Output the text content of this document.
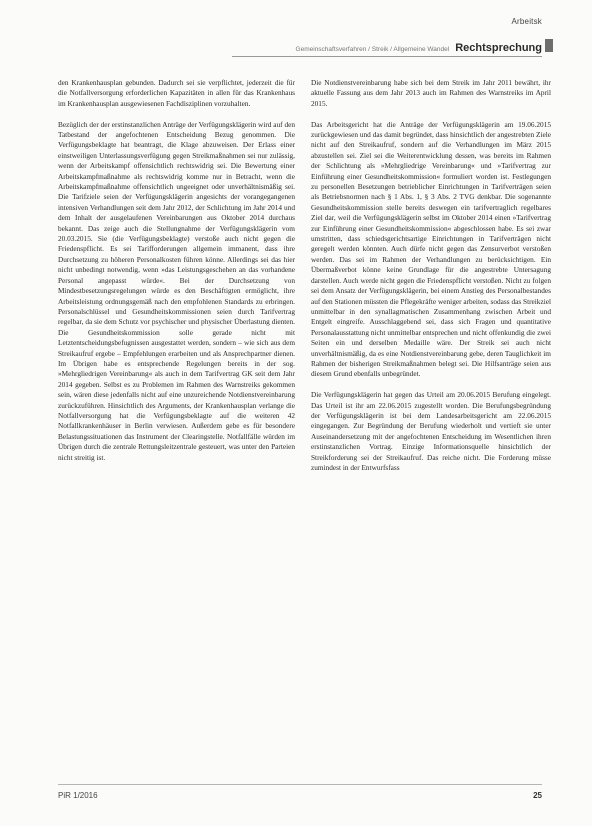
Arbeitsk
Gemeinschaftsverfahren / Streik / Allgemeine Wandel Rechtsprechung

den Krankenhausplan gebunden. Dadurch sei sie verpflichtet, jederzeit die für die Notfallversorgung erforderlichen Kapazitäten in allen für das Krankenhaus im Krankenhausplan ausgewiesenen Fachdisziplinen vorzuhalten.

Bezüglich der der erstinstanzlichen Anträge der Verfügungsklägerin wird auf den Tatbestand der angefochtenen Entscheidung Bezug genommen. Die Verfügungsbeklagte hat beantragt, die Klage abzuweisen. Der Erlass einer einstweiligen Unterlassungsverfügung gegen Streikmaßnahmen sei nur zulässig, wenn der Arbeitskampf offensichtlich rechtswidrig sei. Die Bewertung einer Arbeitskampfmaßnahme als rechtswidrig komme nur in Betracht, wenn die Arbeitskampfmaßnahme offensichtlich ungeeignet oder unverhältnismäßig sei. Die Tarifziele seien der Verfügungsklägerin angesichts der vorangegangenen intensiven Verhandlungen seit dem Jahr 2012, der Schlichtung im Jahr 2014 und dem Inhalt der ausgelaufenen Vereinbarungen aus Oktober 2014 durchaus bekannt. Das zeige auch die Stellungnahme der Verfügungsklägerin vom 20.03.2015. Sie (die Verfügungsbeklagte) verstoße auch nicht gegen die Friedenspflicht. Es sei Tarifforderungen allgemein immanent, dass ihre Durchsetzung zu höheren Personalkosten führen könne. Allerdings sei das hier nicht unbedingt notwendig, wenn »das Leistungsgeschehen an das vorhandene Personal angepasst würde«. Bei der Durchsetzung von Mindestbesetzungsregelungen würde es den Beschäftigten ermöglicht, ihre Arbeitsleistung ordnungsgemäß nach den empfohlenen Standards zu erbringen. Personalschlüssel und Gesundheitskommissionen seien durch Tarifvertrag regelbar, da sie dem Schutz vor psychischer und physischer Überlastung dienten. Die Gesundheitskommission solle gerade nicht mit Letztentscheidungsbefugnissen ausgestattet werden, sondern – wie sich aus dem Streikaufruf ergebe – Empfehlungen erarbeiten und als Ansprechpartner dienen. Im Übrigen habe es entsprechende Regelungen bereits in der sog. »Mehrgliedrigen Vereinbarung« als auch in dem Tarifvertrag GK seit dem Jahr 2014 gegeben. Selbst es zu Problemen im Rahmen des Warnstreiks gekommen sein, wären diese jedenfalls nicht auf eine unzureichende Notdienstvereinbarung zurückzuführen. Hinsichtlich des Arguments, der Krankenhausplan verlange die Notfallversorgung hat die Verfügungsbeklagte auf die weiteren 42 Notfallkrankenhäuser in Berlin verwiesen. Außerdem gebe es für besondere Belastungssituationen das Instrument der Clearingstelle. Notfallfälle würden im Übrigen durch die zentrale Rettungsleitzentrale gesteuert, was unter den Parteien nicht streitig ist.

Die Notdienstvereinbarung habe sich bei dem Streik im Jahr 2011 bewährt, ihr aktuelle Fassung aus dem Jahr 2013 auch im Rahmen des Warnstreiks im April 2015.

Das Arbeitsgericht hat die Anträge der Verfügungsklägerin am 19.06.2015 zurückgewiesen und das damit begründet, dass hinsichtlich der angestrebten Ziele nicht auf den Streikaufruf, sondern auf die Verhandlungen im März 2015 abzustellen sei. Ziel sei die Weiterentwicklung dessen, was bereits im Rahmen der Schlichtung als »Mehrgliedrige Vereinbarung« und »Tarifvertrag zur Einführung einer Gesundheitskommission« formuliert worden ist. Festlegungen zu personellen Besetzungen betrieblicher Einrichtungen in Tarifverträgen seien als Betriebsnormen nach § 1 Abs. 1, § 3 Abs. 2 TVG denkbar. Die sogenannte Gesundheitskommission stelle bereits deswegen ein tarifvertraglich regelbares Ziel dar, weil die Verfügungsklägerin selbst im Oktober 2014 einen »Tarifvertrag zur Einführung einer Gesundheitskommission« abgeschlossen habe. Es sei zwar umstritten, dass schiedsgerichtsartige Einrichtungen in Tarifverträgen nicht geregelt werden könnten. Auch dürfe nicht gegen das Zensurverbot verstoßen werden. Das sei im Rahmen der Verhandlungen zu berücksichtigen. Ein Übermaßverbot könne keine Grundlage für die angestrebte Untersagung darstellen. Auch werde nicht gegen die Friedenspflicht verstoßen. Nicht zu folgen sei dem Ansatz der Verfügungsklägerin, bei einem Anstieg des Personalbestandes auf den Stationen müssten die Pflegekräfte weniger arbeiten, sodass das Streikziel unmittelbar in den synallagmatischen Zusammenhang zwischen Arbeit und Entgelt eingreife. Ausschlaggebend sei, dass sich Fragen und quantitative Personalausstattung nicht unmittelbar entsprechen und nicht offenkundig die zwei Seiten ein und derselben Medaille wäre. Der Streik sei auch nicht unverhältnismäßig, da es eine Notdienstvereinbarung gebe, deren Tauglichkeit im Rahmen der bisherigen Streikmaßnahmen belegt sei. Die Hilfsanträge seien aus diesem Grund ebenfalls unbegründet.

Die Verfügungsklägerin hat gegen das Urteil am 20.06.2015 Berufung eingelegt. Das Urteil ist ihr am 22.06.2015 zugestellt worden. Die Berufungsbegründung der Verfügungsklägerin ist bei dem Landesarbeitsgericht am 22.06.2015 eingegangen. Zur Begründung der Berufung wiederholt und vertieft sie unter Auseinandersetzung mit der angefochtenen Entscheidung im Wesentlichen ihren erstinstanzlichen Vortrag. Einzige Informationsquelle hinsichtlich der Streikforderung sei der Streikaufruf. Das reiche nicht. Die Forderung müsse zumindest in der Entwurfsfass

PiR 1/2016	25
